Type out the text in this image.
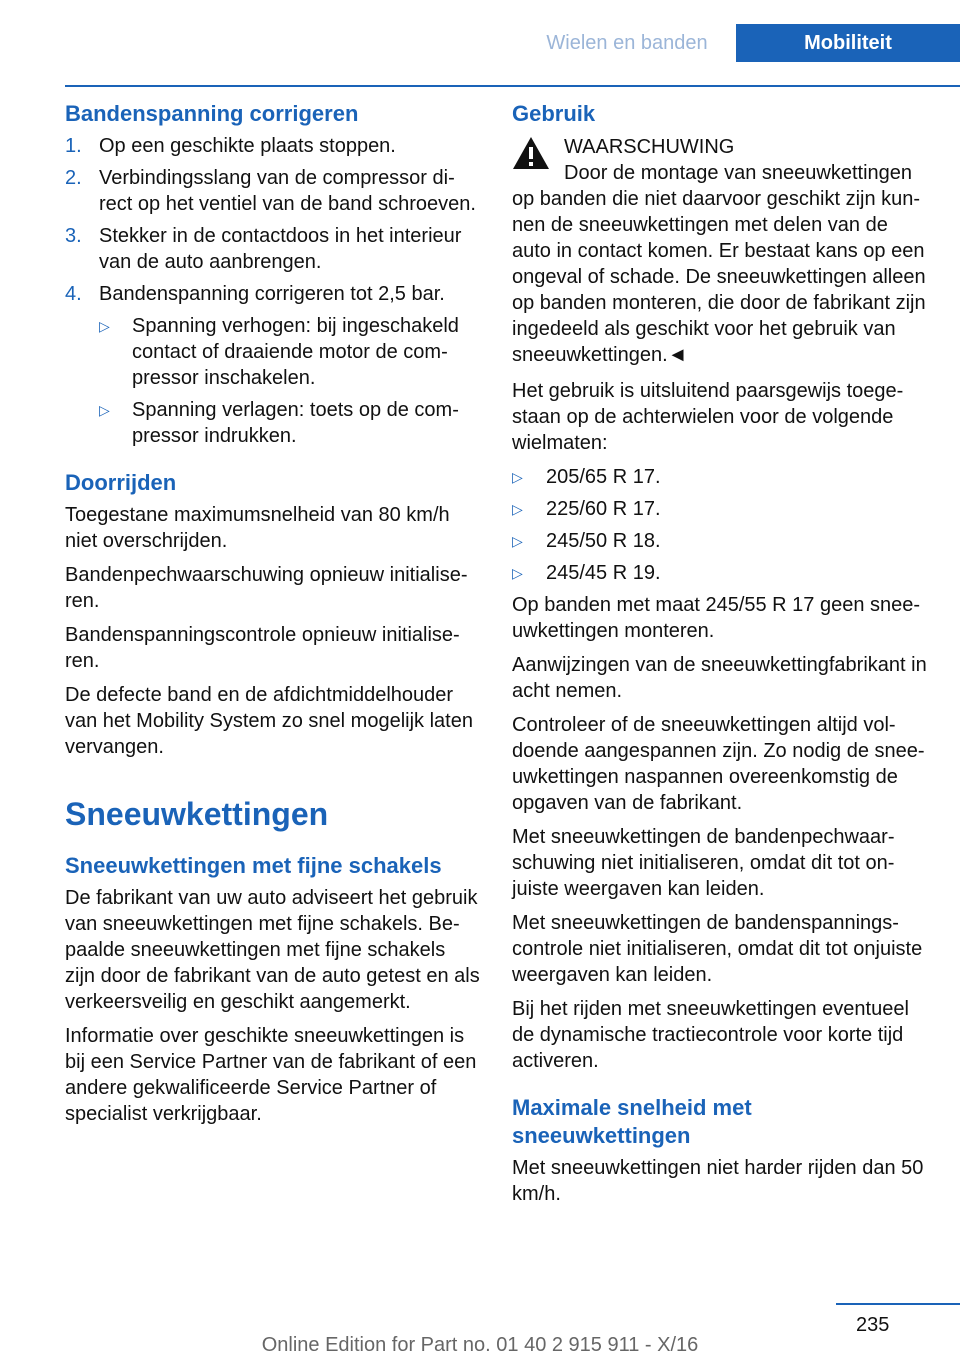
Wielen en banden	Mobiliteit
Bandenspanning corrigeren
1. Op een geschikte plaats stoppen.
2. Verbindingsslang van de compressor direct op het ventiel van de band schroeven.
3. Stekker in de contactdoos in het interieur van de auto aanbrengen.
4. Bandenspanning corrigeren tot 2,5 bar.
▷ Spanning verhogen: bij ingeschakeld contact of draaiende motor de compressor inschakelen.
▷ Spanning verlagen: toets op de compressor indrukken.
Doorrijden

Toegestane maximumsnelheid van 80 km/h niet overschrijden.

Bandenpechwaarschuwing opnieuw initialiseren.

Bandenspanningscontrole opnieuw initialiseren.

De defecte band en de afdichtmiddelhouder van het Mobility System zo snel mogelijk laten vervangen.

Sneeuwkettingen
Sneeuwkettingen met fijne schakels

De fabrikant van uw auto adviseert het gebruik van sneeuwkettingen met fijne schakels. Bepaalde sneeuwkettingen met fijne schakels zijn door de fabrikant van de auto getest en als verkeersveilig en geschikt aangemerkt.

Informatie over geschikte sneeuwkettingen is bij een Service Partner van de fabrikant of een andere gekwalificeerde Service Partner of specialist verkrijgbaar.

Gebruik
WAARSCHUWING
Door de montage van sneeuwkettingen
op banden die niet daarvoor geschikt zijn kunnen de sneeuwkettingen met delen van de auto in contact komen. Er bestaat kans op een ongeval of schade. De sneeuwkettingen alleen op banden monteren, die door de fabrikant zijn ingedeeld als geschikt voor het gebruik van sneeuwkettingen.◄

Het gebruik is uitsluitend paarsgewijs toegestaan op de achterwielen voor de volgende wielmaten:

▷ 205/65 R 17.
▷ 225/60 R 17.
▷ 245/50 R 18.
▷ 245/45 R 19.

Op banden met maat 245/55 R 17 geen sneeuwkettingen monteren.

Aanwijzingen van de sneeuwkettingfabrikant in acht nemen.

Controleer of de sneeuwkettingen altijd voldoende aangespannen zijn. Zo nodig de sneeuwkettingen naspannen overeenkomstig de opgaven van de fabrikant.

Met sneeuwkettingen de bandenpechwaarschuwing niet initialiseren, omdat dit tot onjuiste weergaven kan leiden.

Met sneeuwkettingen de bandenspanningscontrole niet initialiseren, omdat dit tot onjuiste weergaven kan leiden.

Bij het rijden met sneeuwkettingen eventueel de dynamische tractiecontrole voor korte tijd activeren.

Maximale snelheid met sneeuwkettingen

Met sneeuwkettingen niet harder rijden dan 50 km/h.

235
Online Edition for Part no. 01 40 2 915 911 - X/16
